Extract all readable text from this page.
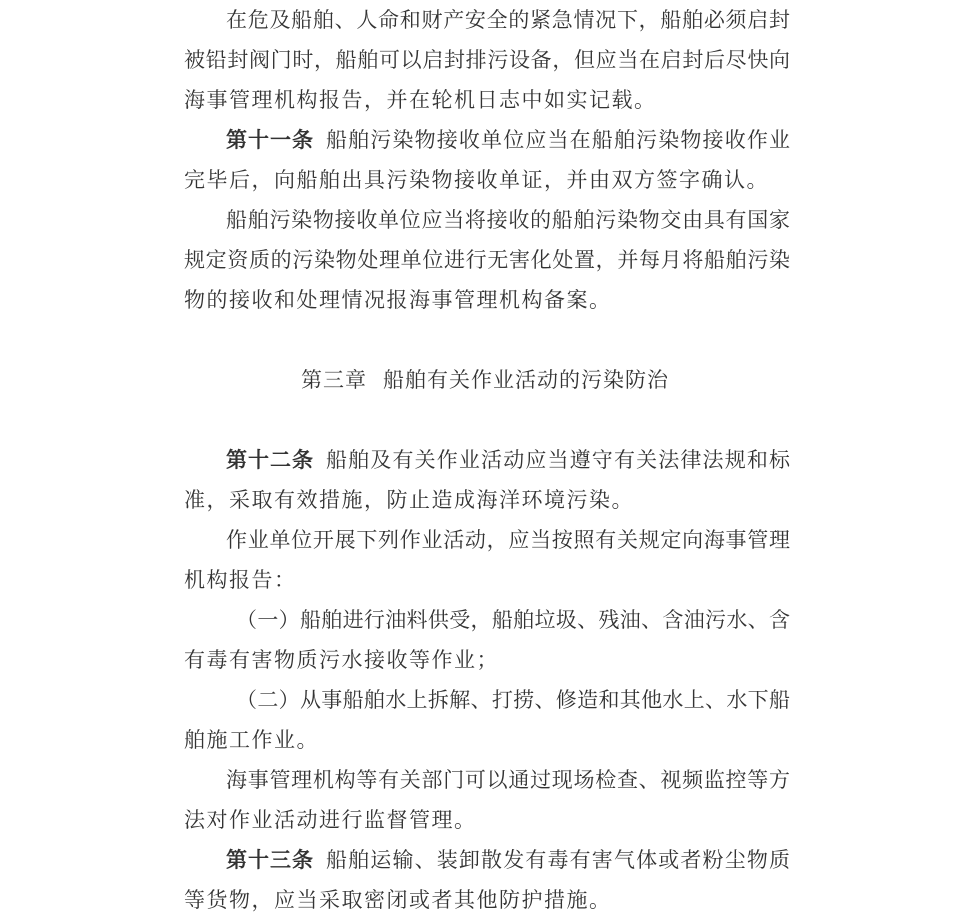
在危及船舶、人命和财产安全的紧急情况下，船舶必须启封
被铅封阀门时，船舶可以启封排污设备，但应当在启封后尽快向
海事管理机构报告，并在轮机日志中如实记载。
第十一条 船舶污染物接收单位应当在船舶污染物接收作业
完毕后，向船舶出具污染物接收单证，并由双方签字确认。
船舶污染物接收单位应当将接收的船舶污染物交由具有国家
规定资质的污染物处理单位进行无害化处置，并每月将船舶污染
物的接收和处理情况报海事管理机构备案。
第三章 船舶有关作业活动的污染防治
第十二条 船舶及有关作业活动应当遵守有关法律法规和标
准，采取有效措施，防止造成海洋环境污染。
作业单位开展下列作业活动，应当按照有关规定向海事管理
机构报告：
（一）船舶进行油料供受，船舶垃圾、残油、含油污水、含
有毒有害物质污水接收等作业；
（二）从事船舶水上拆解、打捞、修造和其他水上、水下船
舶施工作业。
海事管理机构等有关部门可以通过现场检查、视频监控等方
法对作业活动进行监督管理。
第十三条 船舶运输、装卸散发有毒有害气体或者粉尘物质
等货物，应当采取密闭或者其他防护措施。
